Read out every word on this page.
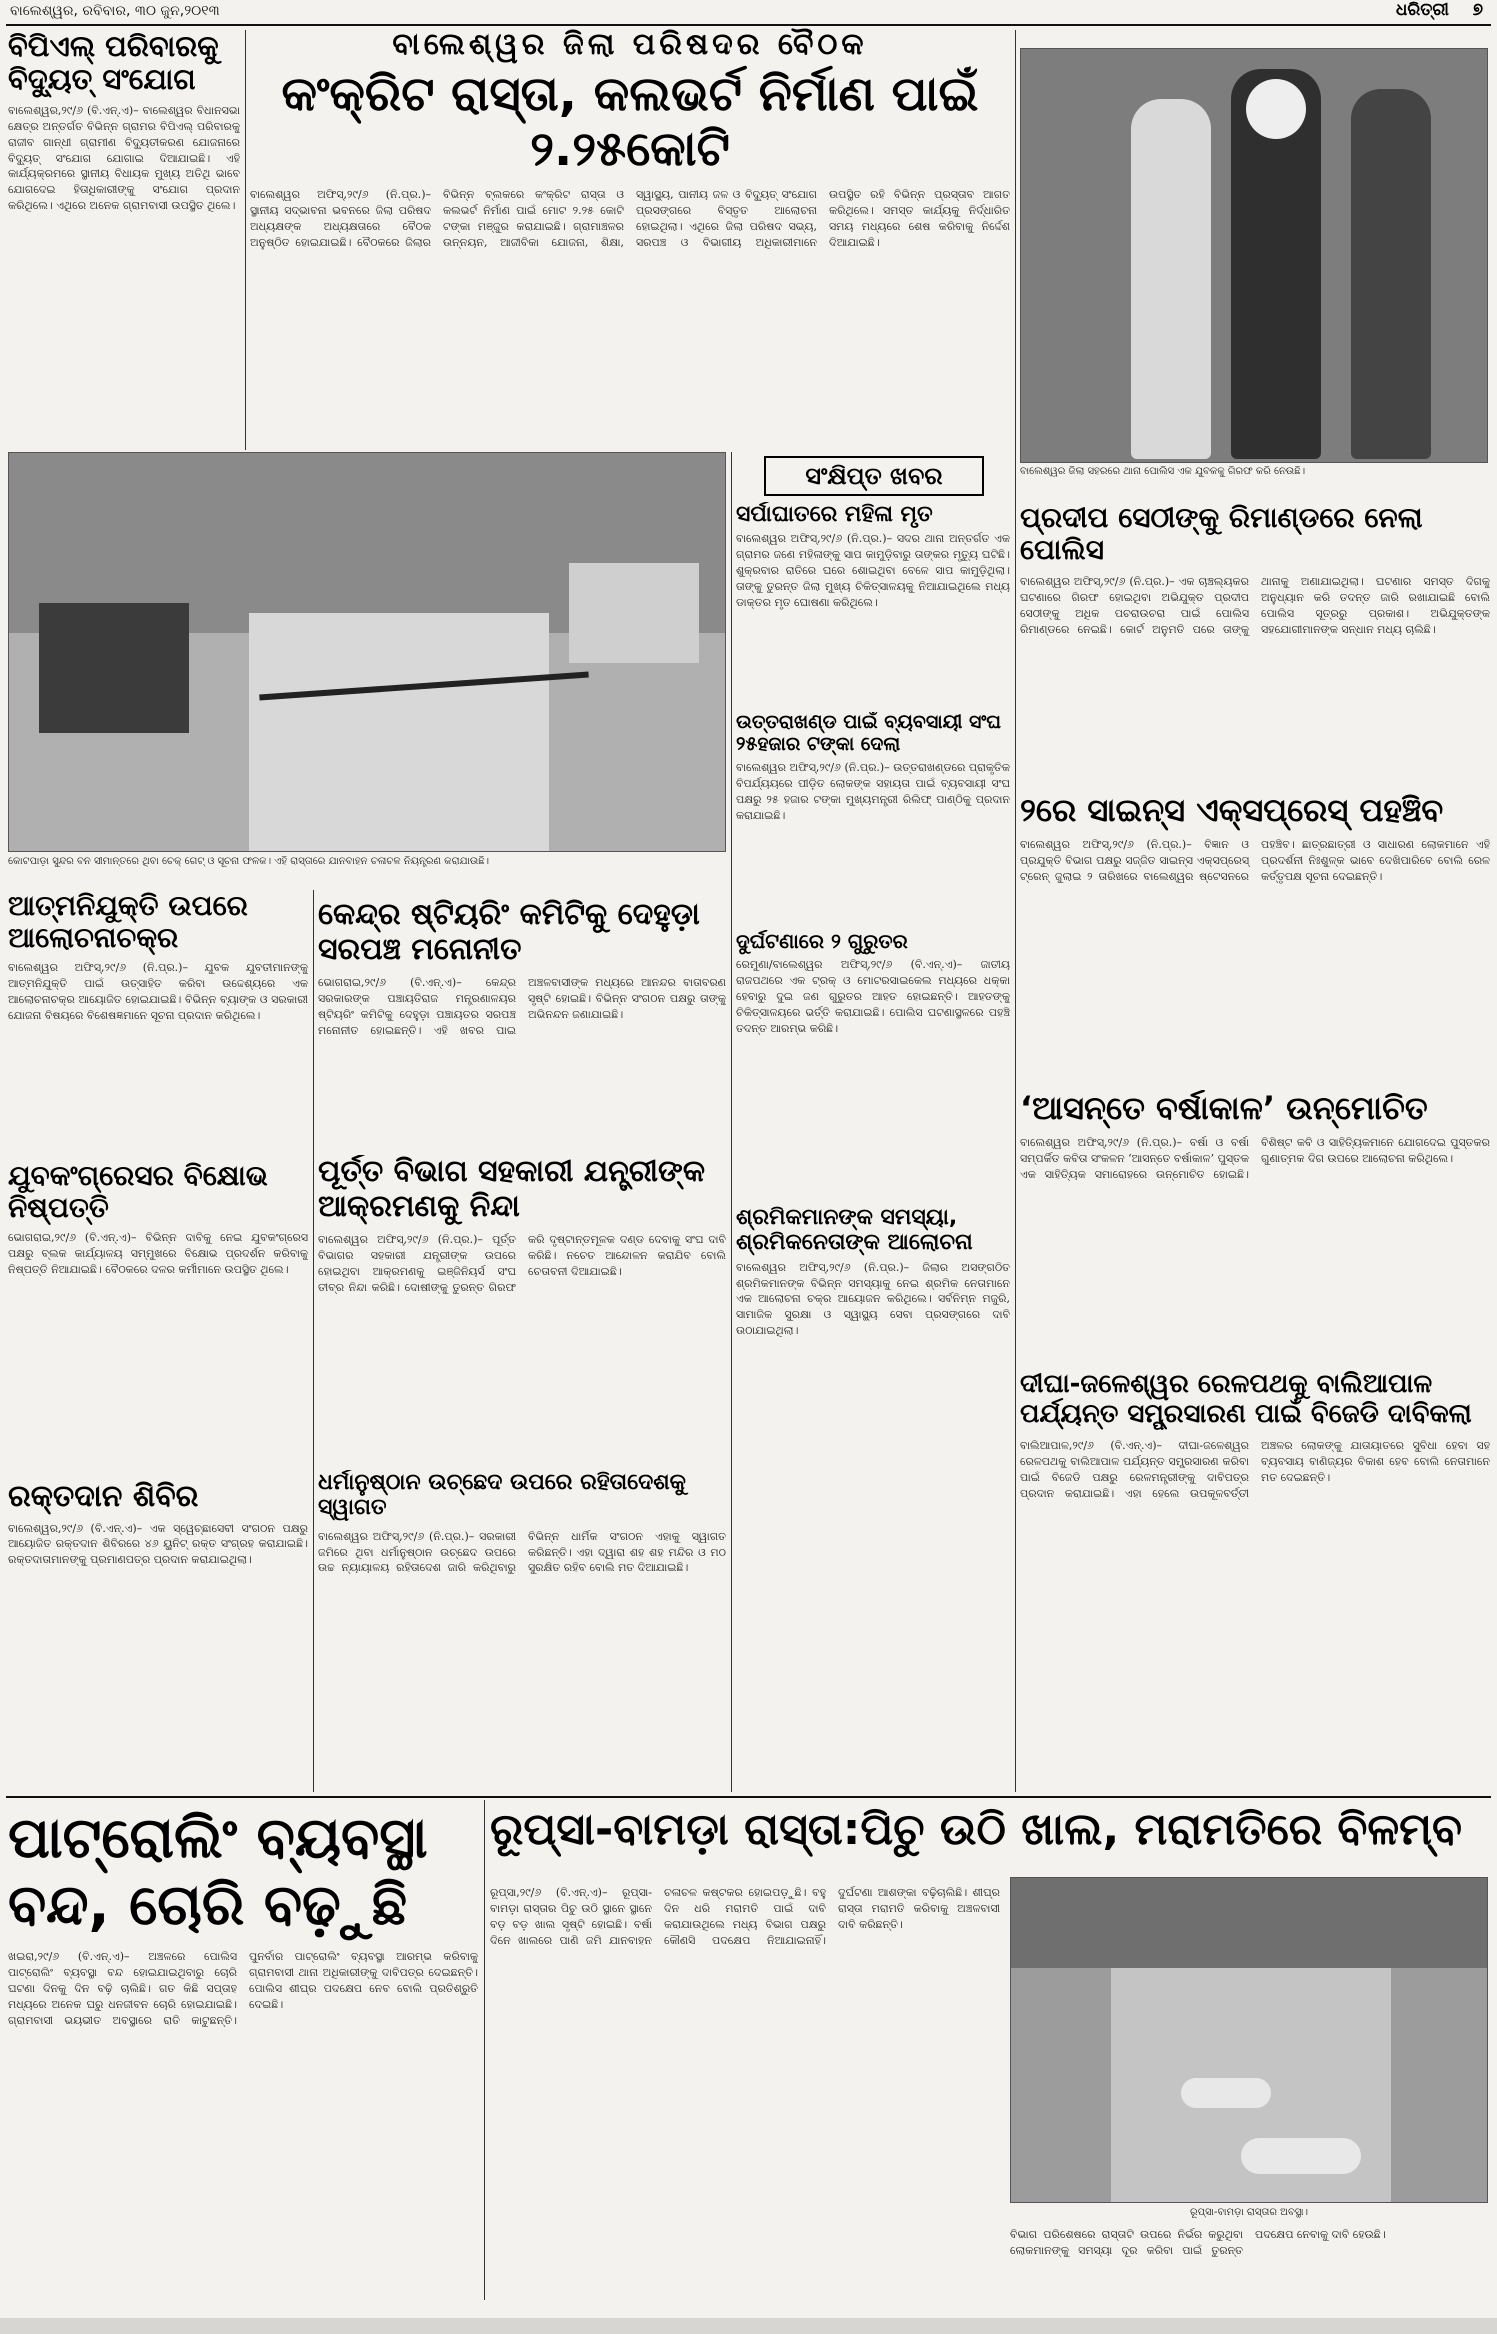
ବାଲେଶ୍ୱର, ରବିବାର, ୩୦ ଜୁନ,୨୦୧୩	ଧରିତ୍ରୀ ୭
ବିପିଏଲ୍ ପରିବାରକୁ ବିଦ୍ୟୁତ୍ ସଂଯୋଗ
ବାଲେଶ୍ୱର,୨୯/୬ (ବି.ଏନ୍.ଏ)– ବାଲେଶ୍ୱର ବିଧାନସଭା କ୍ଷେତ୍ର ଅନ୍ତର୍ଗତ ବିଭିନ୍ନ ଗ୍ରାମର ବିପିଏଲ୍ ପରିବାରକୁ ରାଜୀବ ଗାନ୍ଧୀ ଗ୍ରାମୀଣ ବିଦ୍ୟୁତୀକରଣ ଯୋଜନାରେ ବିଦ୍ୟୁତ୍ ସଂଯୋଗ ଯୋଗାଇ ଦିଆଯାଇଛି। ଏହି କାର୍ଯ୍ୟକ୍ରମରେ ସ୍ଥାନୀୟ ବିଧାୟକ ମୁଖ୍ୟ ଅତିଥି ଭାବେ ଯୋଗଦେଇ ହିତାଧିକାରୀଙ୍କୁ ସଂଯୋଗ ପ୍ରଦାନ କରିଥିଲେ। ଏଥିରେ ଅନେକ ଗ୍ରାମବାସୀ ଉପସ୍ଥିତ ଥିଲେ।
ବାଲେଶ୍ୱର ଜିଲା ପରିଷଦର ବୈଠକ
କଂକ୍ରିଟ ରାସ୍ତା, କଲଭର୍ଟ ନିର୍ମାଣ ପାଇଁ ୨.୨୫କୋଟି
ବାଲେଶ୍ୱର ଅଫିସ୍,୨୯/୬ (ନି.ପ୍ର.)– ସ୍ଥାନୀୟ ସଦ୍ଭାବନା ଭବନରେ ଜିଲା ପରିଷଦ ଅଧ୍ୟକ୍ଷଙ୍କ ଅଧ୍ୟକ୍ଷତାରେ ବୈଠକ ଅନୁଷ୍ଠିତ ହୋଇଯାଇଛି। ବୈଠକରେ ଜିଲାର ବିଭିନ୍ନ ବ୍ଲକରେ କଂକ୍ରିଟ ରାସ୍ତା ଓ କଲଭର୍ଟ ନିର୍ମାଣ ପାଇଁ ମୋଟ ୨.୨୫ କୋଟି ଟଙ୍କା ମଞ୍ଜୁର କରାଯାଇଛି। ଗ୍ରାମାଞ୍ଚଳର ଉନ୍ନୟନ, ଆଜୀବିକା ଯୋଜନା, ଶିକ୍ଷା, ସ୍ୱାସ୍ଥ୍ୟ, ପାନୀୟ ଜଳ ଓ ବିଦ୍ୟୁତ୍ ସଂଯୋଗ ପ୍ରସଙ୍ଗରେ ବିସ୍ତୃତ ଆଲୋଚନା ହୋଇଥିଲା। ଏଥିରେ ଜିଲା ପରିଷଦ ସଭ୍ୟ, ସରପଞ୍ଚ ଓ ବିଭାଗୀୟ ଅଧିକାରୀମାନେ ଉପସ୍ଥିତ ରହି ବିଭିନ୍ନ ପ୍ରସ୍ତାବ ଆଗତ କରିଥିଲେ। ସମସ୍ତ କାର୍ଯ୍ୟକୁ ନିର୍ଦ୍ଧାରିତ ସମୟ ମଧ୍ୟରେ ଶେଷ କରିବାକୁ ନିର୍ଦ୍ଦେଶ ଦିଆଯାଇଛି।
ବାଲେଶ୍ୱର ଜିଲା ସହରରେ ଥାନା ପୋଲିସ ଏକ ଯୁବକକୁ ଗିରଫ କରି ନେଉଛି।
କୋଟପାଡ଼ା ସୁନ୍ଦର ବନ ସୀମାନ୍ତରେ ଥିବା ଚେକ୍ ଗେଟ୍ ଓ ସୂଚନା ଫଳକ। ଏହି ରାସ୍ତାରେ ଯାନବାହନ ଚଳାଚଳ ନିୟନ୍ତ୍ରଣ କରାଯାଉଛି।
ସଂକ୍ଷିପ୍ତ ଖବର
ସର୍ପାଘାତରେ ମହିଳା ମୃତ
ବାଲେଶ୍ୱର ଅଫିସ୍,୨୯/୬ (ନି.ପ୍ର.)– ସଦର ଥାନା ଅନ୍ତର୍ଗତ ଏକ ଗ୍ରାମର ଜଣେ ମହିଳାଙ୍କୁ ସାପ କାମୁଡ଼ିବାରୁ ତାଙ୍କର ମୃତ୍ୟୁ ଘଟିଛି। ଶୁକ୍ରବାର ରାତିରେ ଘରେ ଶୋଇଥିବା ବେଳେ ସାପ କାମୁଡ଼ିଥିଲା। ତାଙ୍କୁ ତୁରନ୍ତ ଜିଲା ମୁଖ୍ୟ ଚିକିତ୍ସାଳୟକୁ ନିଆଯାଇଥିଲେ ମଧ୍ୟ ଡାକ୍ତର ମୃତ ଘୋଷଣା କରିଥିଲେ।
ଉତ୍ତରାଖଣ୍ଡ ପାଇଁ ବ୍ୟବସାୟୀ ସଂଘ ୨୫ହଜାର ଟଙ୍କା ଦେଲା
ବାଲେଶ୍ୱର ଅଫିସ୍,୨୯/୬ (ନି.ପ୍ର.)– ଉତ୍ତରାଖଣ୍ଡରେ ପ୍ରାକୃତିକ ବିପର୍ଯ୍ୟୟରେ ପୀଡ଼ିତ ଲୋକଙ୍କ ସହାୟତା ପାଇଁ ବ୍ୟବସାୟୀ ସଂଘ ପକ୍ଷରୁ ୨୫ ହଜାର ଟଙ୍କା ମୁଖ୍ୟମନ୍ତ୍ରୀ ରିଲିଫ୍ ପାଣ୍ଠିକୁ ପ୍ରଦାନ କରାଯାଇଛି।
ଦୁର୍ଘଟଣାରେ ୨ ଗୁରୁତର
ରେମୁଣା/ବାଲେଶ୍ୱର ଅଫିସ୍,୨୯/୬ (ବି.ଏନ୍.ଏ)– ଜାତୀୟ ରାଜପଥରେ ଏକ ଟ୍ରକ୍ ଓ ମୋଟରସାଇକେଲ ମଧ୍ୟରେ ଧକ୍କା ହେବାରୁ ଦୁଇ ଜଣ ଗୁରୁତର ଆହତ ହୋଇଛନ୍ତି। ଆହତଙ୍କୁ ଚିକିତ୍ସାଳୟରେ ଭର୍ତ୍ତି କରାଯାଇଛି। ପୋଲିସ ଘଟଣାସ୍ଥଳରେ ପହଞ୍ଚି ତଦନ୍ତ ଆରମ୍ଭ କରିଛି।
ଶ୍ରମିକମାନଙ୍କ ସମସ୍ୟା, ଶ୍ରମିକନେତାଙ୍କ ଆଲୋଚନା
ବାଲେଶ୍ୱର ଅଫିସ୍,୨୯/୬ (ନି.ପ୍ର.)– ଜିଲାର ଅସଙ୍ଗଠିତ ଶ୍ରମିକମାନଙ୍କ ବିଭିନ୍ନ ସମସ୍ୟାକୁ ନେଇ ଶ୍ରମିକ ନେତାମାନେ ଏକ ଆଲୋଚନା ଚକ୍ର ଆୟୋଜନ କରିଥିଲେ। ସର୍ବନିମ୍ନ ମଜୁରି, ସାମାଜିକ ସୁରକ୍ଷା ଓ ସ୍ୱାସ୍ଥ୍ୟ ସେବା ପ୍ରସଙ୍ଗରେ ଦାବି ଉଠାଯାଇଥିଲା।
ପ୍ରଦୀପ ସେଠୀଙ୍କୁ ରିମାଣ୍ଡରେ ନେଲା ପୋଲିସ
ବାଲେଶ୍ୱର ଅଫିସ୍,୨୯/୬ (ନି.ପ୍ର.)– ଏକ ଚାଞ୍ଚଲ୍ୟକର ଘଟଣାରେ ଗିରଫ ହୋଇଥିବା ଅଭିଯୁକ୍ତ ପ୍ରଦୀପ ସେଠୀଙ୍କୁ ଅଧିକ ପଚରାଉଚରା ପାଇଁ ପୋଲିସ ରିମାଣ୍ଡରେ ନେଇଛି। କୋର୍ଟ ଅନୁମତି ପରେ ତାଙ୍କୁ ଥାନାକୁ ଅଣାଯାଇଥିଲା। ଘଟଣାର ସମସ୍ତ ଦିଗକୁ ଅନୁଧ୍ୟାନ କରି ତଦନ୍ତ ଜାରି ରଖାଯାଇଛି ବୋଲି ପୋଲିସ ସୂତ୍ରରୁ ପ୍ରକାଶ। ଅଭିଯୁକ୍ତଙ୍କ ସହଯୋଗୀମାନଙ୍କ ସନ୍ଧାନ ମଧ୍ୟ ଚାଲିଛି।
୨ରେ ସାଇନ୍ସ ଏକ୍ସପ୍ରେସ୍ ପହଞ୍ଚିବ
ବାଲେଶ୍ୱର ଅଫିସ୍,୨୯/୬ (ନି.ପ୍ର.)– ବିଜ୍ଞାନ ଓ ପ୍ରଯୁକ୍ତି ବିଭାଗ ପକ୍ଷରୁ ସଜ୍ଜିତ ସାଇନ୍ସ ଏକ୍ସପ୍ରେସ୍ ଟ୍ରେନ୍ ଜୁଲାଇ ୨ ତାରିଖରେ ବାଲେଶ୍ୱର ଷ୍ଟେସନରେ ପହଞ୍ଚିବ। ଛାତ୍ରଛାତ୍ରୀ ଓ ସାଧାରଣ ଲୋକମାନେ ଏହି ପ୍ରଦର୍ଶନୀ ନିଃଶୁଳ୍କ ଭାବେ ଦେଖିପାରିବେ ବୋଲି ରେଳ କର୍ତ୍ତୃପକ୍ଷ ସୂଚନା ଦେଇଛନ୍ତି।
‘ଆସନ୍ତେ ବର୍ଷାକାଳ’ ଉନ୍ମୋଚିତ
ବାଲେଶ୍ୱର ଅଫିସ୍,୨୯/୬ (ନି.ପ୍ର.)– ବର୍ଷା ଓ ବର୍ଷା ସମ୍ପର୍କିତ କବିତା ସଂକଳନ ‘ଆସନ୍ତେ ବର୍ଷାକାଳ’ ପୁସ୍ତକ ଏକ ସାହିତ୍ୟିକ ସମାରୋହରେ ଉନ୍ମୋଚିତ ହୋଇଛି। ବିଶିଷ୍ଟ କବି ଓ ସାହିତ୍ୟିକମାନେ ଯୋଗଦେଇ ପୁସ୍ତକର ଗୁଣାତ୍ମକ ଦିଗ ଉପରେ ଆଲୋଚନା କରିଥିଲେ।
ଦୀଘା-ଜଳେଶ୍ୱର ରେଳପଥକୁ ବାଲିଆପାଳ ପର୍ଯ୍ୟନ୍ତ ସମ୍ପ୍ରସାରଣ ପାଇଁ ବିଜେଡି ଦାବିକଲା
ବାଲିଆପାଳ,୨୯/୬ (ବି.ଏନ୍.ଏ)– ଦୀଘା-ଜଳେଶ୍ୱର ରେଳପଥକୁ ବାଲିଆପାଳ ପର୍ଯ୍ୟନ୍ତ ସମ୍ପ୍ରସାରଣ କରିବା ପାଇଁ ବିଜେଡି ପକ୍ଷରୁ ରେଳମନ୍ତ୍ରୀଙ୍କୁ ଦାବିପତ୍ର ପ୍ରଦାନ କରାଯାଇଛି। ଏହା ହେଲେ ଉପକୂଳବର୍ତ୍ତୀ ଅଞ୍ଚଳର ଲୋକଙ୍କୁ ଯାତାୟାତରେ ସୁବିଧା ହେବା ସହ ବ୍ୟବସାୟ ବାଣିଜ୍ୟର ବିକାଶ ହେବ ବୋଲି ନେତାମାନେ ମତ ଦେଇଛନ୍ତି।
ଆତ୍ମନିଯୁକ୍ତି ଉପରେ ଆଲୋଚନାଚକ୍ର
ବାଲେଶ୍ୱର ଅଫିସ୍,୨୯/୬ (ନି.ପ୍ର.)– ଯୁବକ ଯୁବତୀମାନଙ୍କୁ ଆତ୍ମନିଯୁକ୍ତି ପାଇଁ ଉତ୍ସାହିତ କରିବା ଉଦ୍ଦେଶ୍ୟରେ ଏକ ଆଲୋଚନାଚକ୍ର ଆୟୋଜିତ ହୋଇଯାଇଛି। ବିଭିନ୍ନ ବ୍ୟାଙ୍କ ଓ ସରକାରୀ ଯୋଜନା ବିଷୟରେ ବିଶେଷଜ୍ଞମାନେ ସୂଚନା ପ୍ରଦାନ କରିଥିଲେ।
ଯୁବକଂଗ୍ରେସର ବିକ୍ଷୋଭ ନିଷ୍ପତ୍ତି
ଭୋଗରାଇ,୨୯/୬ (ବି.ଏନ୍.ଏ)– ବିଭିନ୍ନ ଦାବିକୁ ନେଇ ଯୁବକଂଗ୍ରେସ ପକ୍ଷରୁ ବ୍ଲକ କାର୍ଯ୍ୟାଳୟ ସମ୍ମୁଖରେ ବିକ୍ଷୋଭ ପ୍ରଦର୍ଶନ କରିବାକୁ ନିଷ୍ପତ୍ତି ନିଆଯାଇଛି। ବୈଠକରେ ଦଳର କର୍ମୀମାନେ ଉପସ୍ଥିତ ଥିଲେ।
ରକ୍ତଦାନ ଶିବିର
ବାଲେଶ୍ୱର,୨୯/୬ (ବି.ଏନ୍.ଏ)– ଏକ ସ୍ୱେଚ୍ଛାସେବୀ ସଂଗଠନ ପକ୍ଷରୁ ଆୟୋଜିତ ରକ୍ତଦାନ ଶିବିରରେ ୪୬ ୟୁନିଟ୍ ରକ୍ତ ସଂଗ୍ରହ କରାଯାଇଛି। ରକ୍ତଦାତାମାନଙ୍କୁ ପ୍ରମାଣପତ୍ର ପ୍ରଦାନ କରାଯାଇଥିଲା।
କେନ୍ଦ୍ର ଷ୍ଟିୟରିଂ କମିଟିକୁ ଦେହୁଡ଼ା ସରପଞ୍ଚ ମନୋନୀତ
ଭୋଗରାଇ,୨୯/୬ (ବି.ଏନ୍.ଏ)– କେନ୍ଦ୍ର ସରକାରଙ୍କ ପଞ୍ଚାୟତିରାଜ ମନ୍ତ୍ରଣାଳୟର ଷ୍ଟିୟରିଂ କମିଟିକୁ ଦେହୁଡ଼ା ପଞ୍ଚାୟତର ସରପଞ୍ଚ ମନୋନୀତ ହୋଇଛନ୍ତି। ଏହି ଖବର ପାଇ ଅଞ୍ଚଳବାସୀଙ୍କ ମଧ୍ୟରେ ଆନନ୍ଦର ବାତାବରଣ ସୃଷ୍ଟି ହୋଇଛି। ବିଭିନ୍ନ ସଂଗଠନ ପକ୍ଷରୁ ତାଙ୍କୁ ଅଭିନନ୍ଦନ ଜଣାଯାଇଛି।
ପୂର୍ତ୍ତ ବିଭାଗ ସହକାରୀ ଯନ୍ତ୍ରୀଙ୍କ ଆକ୍ରମଣକୁ ନିନ୍ଦା
ବାଲେଶ୍ୱର ଅଫିସ୍,୨୯/୬ (ନି.ପ୍ର.)– ପୂର୍ତ୍ତ ବିଭାଗର ସହକାରୀ ଯନ୍ତ୍ରୀଙ୍କ ଉପରେ ହୋଇଥିବା ଆକ୍ରମଣକୁ ଇଞ୍ଜିନିୟର୍ସ ସଂଘ ତୀବ୍ର ନିନ୍ଦା କରିଛି। ଦୋଷୀଙ୍କୁ ତୁରନ୍ତ ଗିରଫ କରି ଦୃଷ୍ଟାନ୍ତମୂଳକ ଦଣ୍ଡ ଦେବାକୁ ସଂଘ ଦାବି କରିଛି। ନଚେତ ଆନ୍ଦୋଳନ କରାଯିବ ବୋଲି ଚେତାବନୀ ଦିଆଯାଇଛି।
ଧର୍ମାନୁଷ୍ଠାନ ଉଚ୍ଛେଦ ଉପରେ ରହିତାଦେଶକୁ ସ୍ୱାଗତ
ବାଲେଶ୍ୱର ଅଫିସ୍,୨୯/୬ (ନି.ପ୍ର.)– ସରକାରୀ ଜମିରେ ଥିବା ଧର୍ମାନୁଷ୍ଠାନ ଉଚ୍ଛେଦ ଉପରେ ଉଚ୍ଚ ନ୍ୟାୟାଳୟ ରହିତାଦେଶ ଜାରି କରିଥିବାରୁ ବିଭିନ୍ନ ଧାର୍ମିକ ସଂଗଠନ ଏହାକୁ ସ୍ୱାଗତ କରିଛନ୍ତି। ଏହା ଦ୍ୱାରା ଶହ ଶହ ମନ୍ଦିର ଓ ମଠ ସୁରକ୍ଷିତ ରହିବ ବୋଲି ମତ ଦିଆଯାଇଛି।
ପାଟ୍ରୋଲିଂ ବ୍ୟବସ୍ଥା ବନ୍ଦ, ଚୋରି ବଢ଼ୁଛି
ଖଇରା,୨୯/୬ (ବି.ଏନ୍.ଏ)– ଅଞ୍ଚଳରେ ପୋଲିସ ପାଟ୍ରୋଲିଂ ବ୍ୟବସ୍ଥା ବନ୍ଦ ହୋଇଯାଇଥିବାରୁ ଚୋରି ଘଟଣା ଦିନକୁ ଦିନ ବଢ଼ି ଚାଲିଛି। ଗତ କିଛି ସପ୍ତାହ ମଧ୍ୟରେ ଅନେକ ଘରୁ ଧନଜୀବନ ଚୋରି ହୋଇଯାଇଛି। ଗ୍ରାମବାସୀ ଭୟଭୀତ ଅବସ୍ଥାରେ ରାତି କାଟୁଛନ୍ତି। ପୁନର୍ବାର ପାଟ୍ରୋଲିଂ ବ୍ୟବସ୍ଥା ଆରମ୍ଭ କରିବାକୁ ଗ୍ରାମବାସୀ ଥାନା ଅଧିକାରୀଙ୍କୁ ଦାବିପତ୍ର ଦେଇଛନ୍ତି। ପୋଲିସ ଶୀଘ୍ର ପଦକ୍ଷେପ ନେବ ବୋଲି ପ୍ରତିଶ୍ରୁତି ଦେଇଛି।
ରୂପ୍ସା-ବାମଡ଼ା ରାସ୍ତା:ପିଚୁ ଉଠି ଖାଲ, ମରାମତିରେ ବିଳମ୍ବ
ରୂପ୍ସା,୨୯/୬ (ବି.ଏନ୍.ଏ)– ରୂପ୍ସା-ବାମଡ଼ା ରାସ୍ତାର ପିଚୁ ଉଠି ସ୍ଥାନେ ସ୍ଥାନେ ବଡ଼ ବଡ଼ ଖାଲ ସୃଷ୍ଟି ହୋଇଛି। ବର୍ଷା ଦିନେ ଖାଲରେ ପାଣି ଜମି ଯାନବାହନ ଚଳାଚଳ କଷ୍ଟକର ହୋଇପଡ଼ୁଛି। ବହୁ ଦିନ ଧରି ମରାମତି ପାଇଁ ଦାବି କରାଯାଉଥିଲେ ମଧ୍ୟ ବିଭାଗ ପକ୍ଷରୁ କୌଣସି ପଦକ୍ଷେପ ନିଆଯାଇନାହିଁ। ଦୁର୍ଘଟଣା ଆଶଙ୍କା ବଢ଼ିଚାଲିଛି। ଶୀଘ୍ର ରାସ୍ତା ମରାମତି କରିବାକୁ ଅଞ୍ଚଳବାସୀ ଦାବି କରିଛନ୍ତି।
ରୂପ୍ସା-ବାମଡ଼ା ରାସ୍ତାର ଅବସ୍ଥା।
ବିଭାଗ ପରିଶେଷରେ ରାସ୍ତାଟି ଉପରେ ନିର୍ଭର କରୁଥିବା ଲୋକମାନଙ୍କୁ ସମସ୍ୟା ଦୂର କରିବା ପାଇଁ ତୁରନ୍ତ ପଦକ୍ଷେପ ନେବାକୁ ଦାବି ହେଉଛି।
